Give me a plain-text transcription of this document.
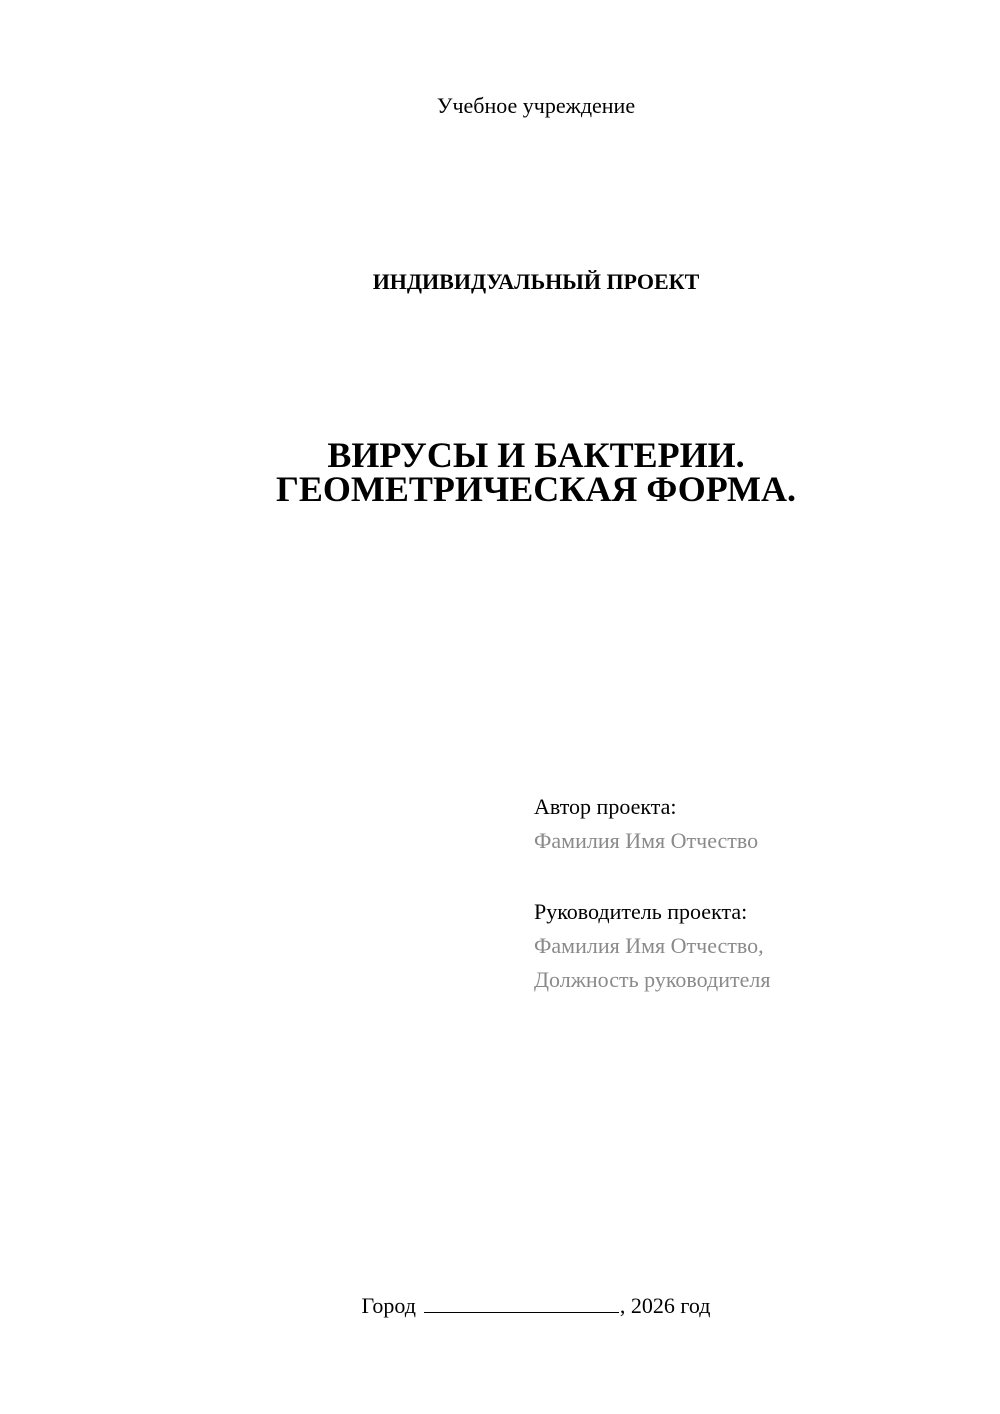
Учебное учреждение
ИНДИВИДУАЛЬНЫЙ ПРОЕКТ
ВИРУСЫ И БАКТЕРИИ.
ГЕОМЕТРИЧЕСКАЯ ФОРМА.
Автор проекта:
Фамилия Имя Отчество
Руководитель проекта:
Фамилия Имя Отчество,
Должность руководителя
Город	, 2026 год
